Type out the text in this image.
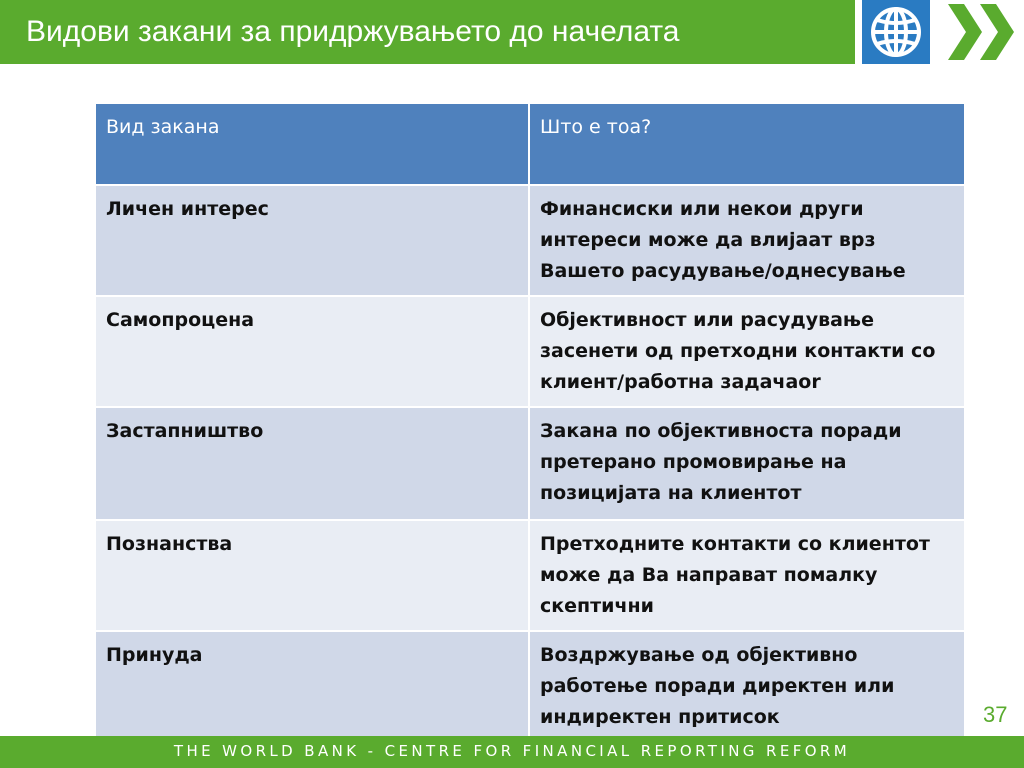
Видови закани за придржувањето до начелата
Вид закана	Што е тоа?
Личен интерес	Финансиски или некои други интереси може да влијаат врз Вашето расудување/однесување
Самопроцена	Објективност или расудување засенети од претходни контакти со клиент/работна задачаоr
Застапништво	Закана по објективноста поради претерано промовирање на позицијата на клиентот
Познанства	Претходните контакти со клиентот може да Ва направат помалку скептични
Принуда	Воздржување од објективно работење поради директен или индиректен притисок	37
THE WORLD BANK - CENTRE FOR FINANCIAL REPORTING REFORM
